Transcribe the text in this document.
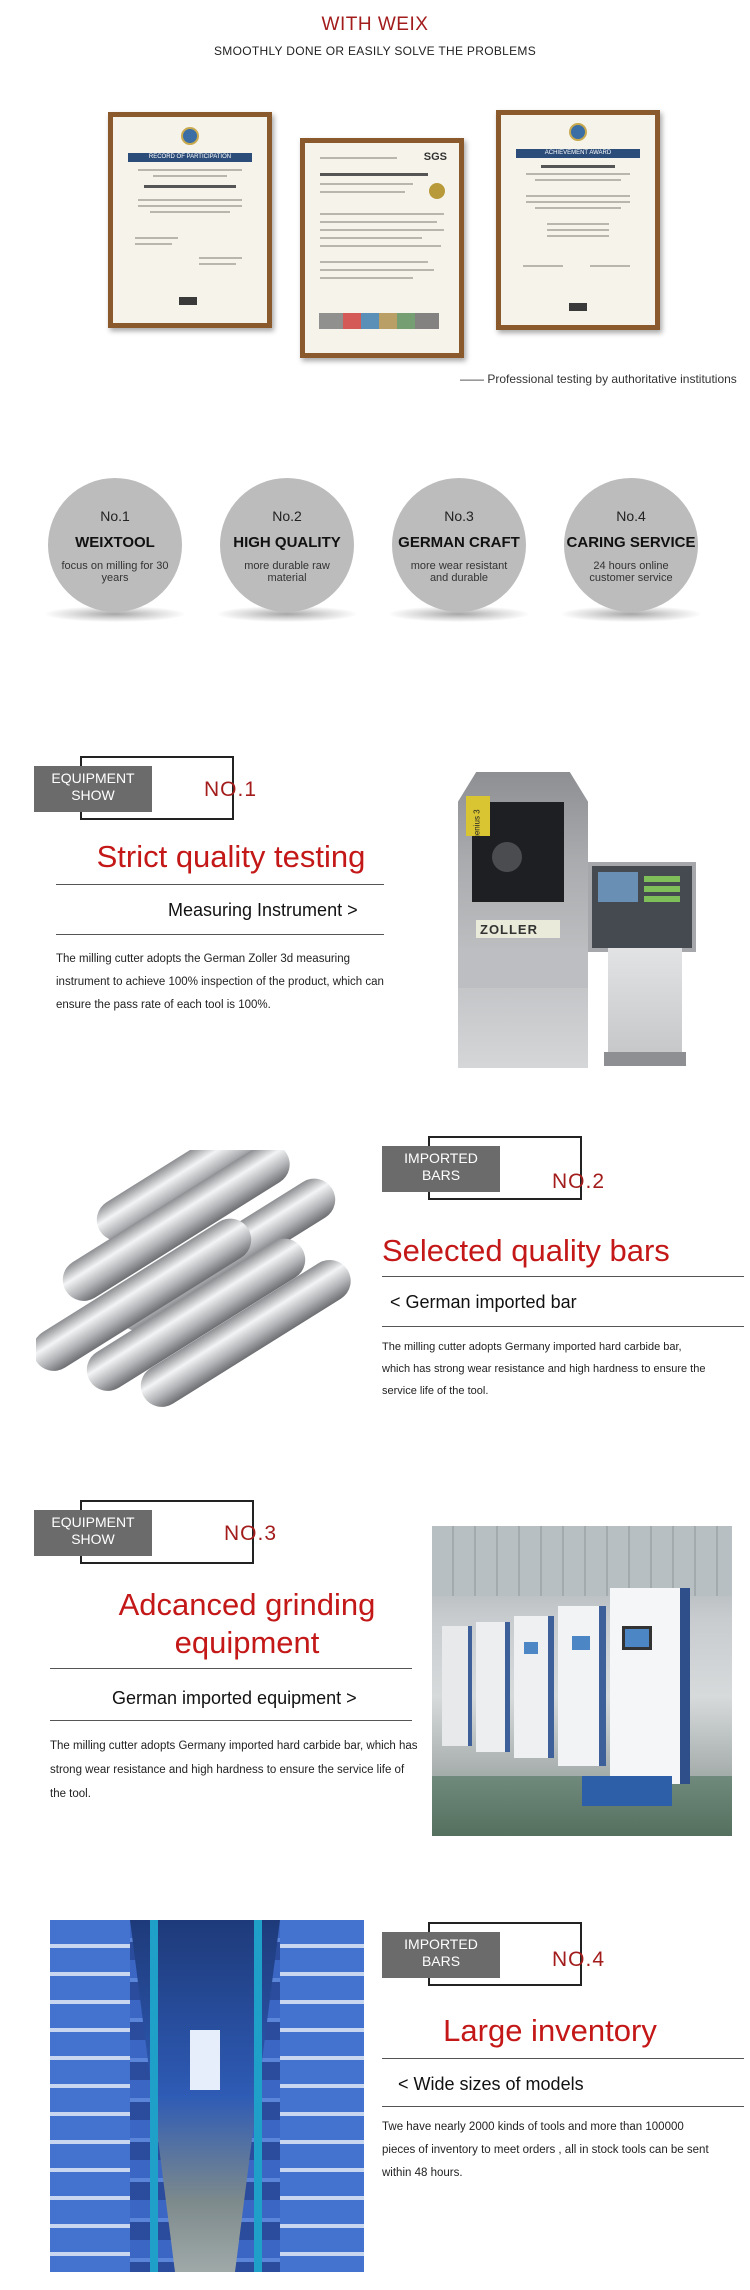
WITH WEIX
SMOOTHLY DONE OR EASILY SOLVE THE PROBLEMS
RECORD OF PARTICIPATION	SGS	ACHIEVEMENT AWARD
—— Professional testing by authoritative institutions
No.1
WEIXTOOL
focus on milling for 30 years
No.2
HIGH QUALITY
more durable raw material
No.3
GERMAN CRAFT
more wear resistant and durable
No.4
CARING SERVICE
24 hours online customer service
EQUIPMENT
SHOW	NO.1
Strict quality testing
Measuring Instrument >
The milling cutter adopts the German Zoller 3d measuring instrument to achieve 100% inspection of the product, which can ensure the pass rate of each tool is 100%.
genius 3
ZOLLER
IMPORTED
BARS	NO.2
Selected quality bars
< German imported bar
The milling cutter adopts Germany imported hard carbide bar, which has strong wear resistance and high hardness to ensure the service life of the tool.
EQUIPMENT
SHOW	NO.3
Adcanced grinding equipment
German imported equipment >
The milling cutter adopts Germany imported hard carbide bar, which has strong wear resistance and high hardness to ensure the service life of the tool.
IMPORTED
BARS	NO.4
Large inventory
< Wide sizes of models
Twe have nearly 2000 kinds of tools and more than 100000 pieces of inventory to meet orders , all in stock tools can be sent within 48 hours.
